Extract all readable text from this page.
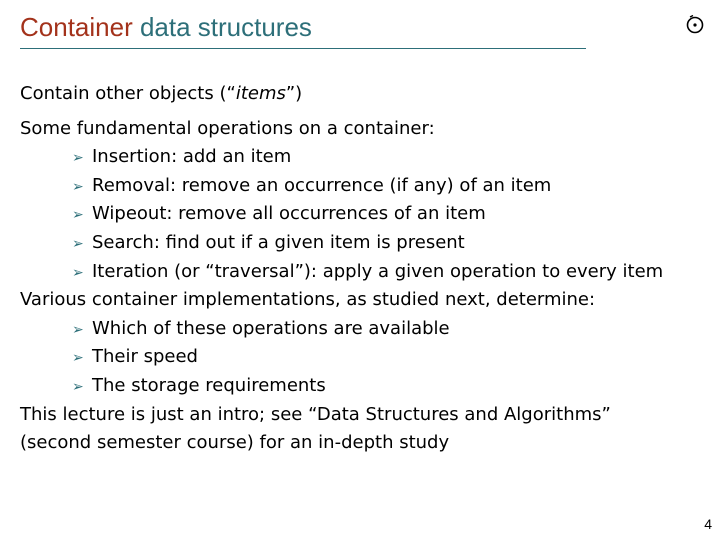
Container data structures
Contain other objects (“items”)
Some fundamental operations on a container:
➢ Insertion: add an item
➢ Removal: remove an occurrence (if any) of an item
➢ Wipeout: remove all occurrences of an item
➢ Search: find out if a given item is present
➢ Iteration (or “traversal”): apply a given operation to every item
Various container implementations, as studied next, determine:
➢ Which of these operations are available
➢ Their speed
➢ The storage requirements
This lecture is just an intro; see “Data Structures and Algorithms”
(second semester course) for an in-depth study
4
